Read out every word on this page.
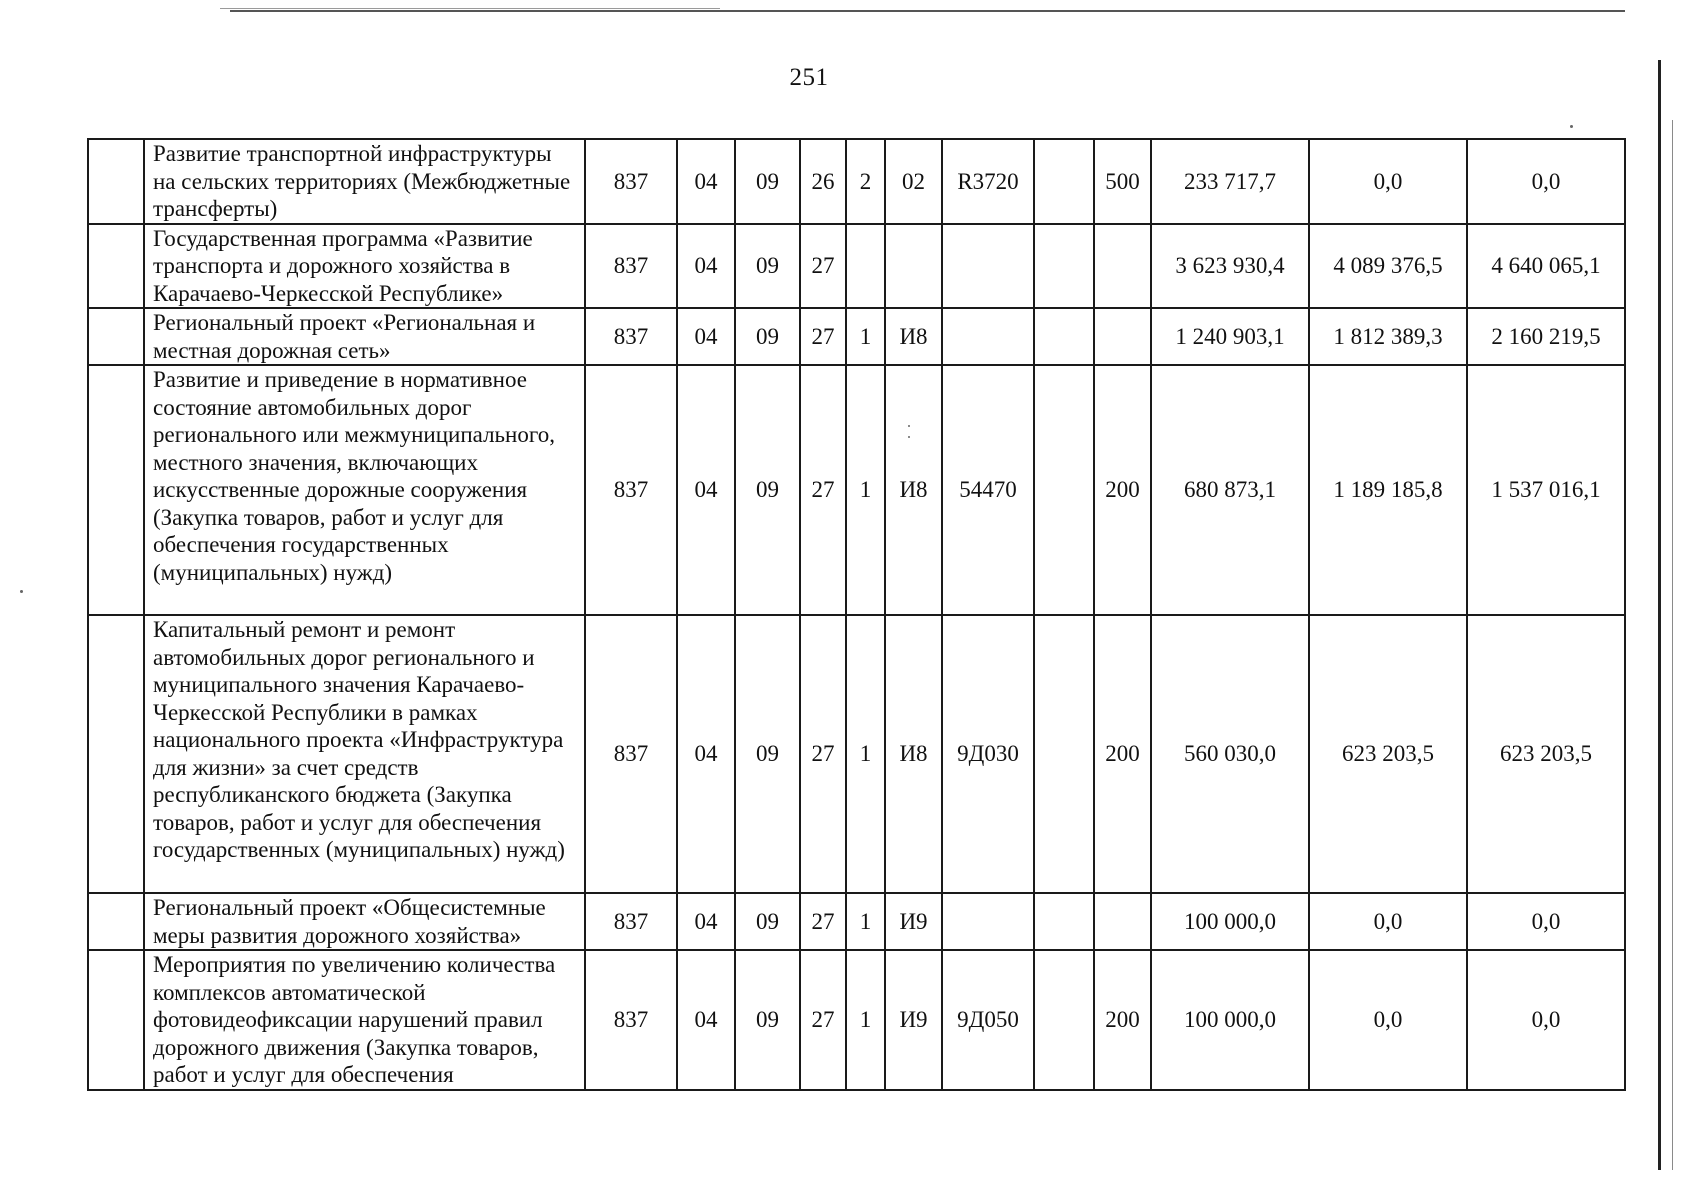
251
	Развитие транспортной инфраструктуры на сельских территориях (Межбюджетные трансферты)	837	04	09	26	2	02	R3720		500	233 717,7	0,0	0,0
	Государственная программа «Развитие транспорта и дорожного хозяйства в Карачаево-Черкесской Республике»	837	04	09	27						3 623 930,4	4 089 376,5	4 640 065,1
	Региональный проект «Региональная и местная дорожная сеть»	837	04	09	27	1	И8				1 240 903,1	1 812 389,3	2 160 219,5
	Развитие и приведение в нормативное состояние автомобильных дорог регионального или межмуниципального, местного значения, включающих искусственные дорожные сооружения (Закупка товаров, работ и услуг для обеспечения государственных (муниципальных) нужд)	837	04	09	27	1	И8	54470		200	680 873,1	1 189 185,8	1 537 016,1
	Капитальный ремонт и ремонт автомобильных дорог регионального и муниципального значения Карачаево-Черкесской Республики в рамках национального проекта «Инфраструктура для жизни» за счет средств республиканского бюджета (Закупка товаров, работ и услуг для обеспечения государственных (муниципальных) нужд)	837	04	09	27	1	И8	9Д030		200	560 030,0	623 203,5	623 203,5
	Региональный проект «Общесистемные меры развития дорожного хозяйства»	837	04	09	27	1	И9				100 000,0	0,0	0,0
	Мероприятия по увеличению количества комплексов автоматической фотовидеофиксации нарушений правил дорожного движения (Закупка товаров, работ и услуг для обеспечения	837	04	09	27	1	И9	9Д050		200	100 000,0	0,0	0,0
